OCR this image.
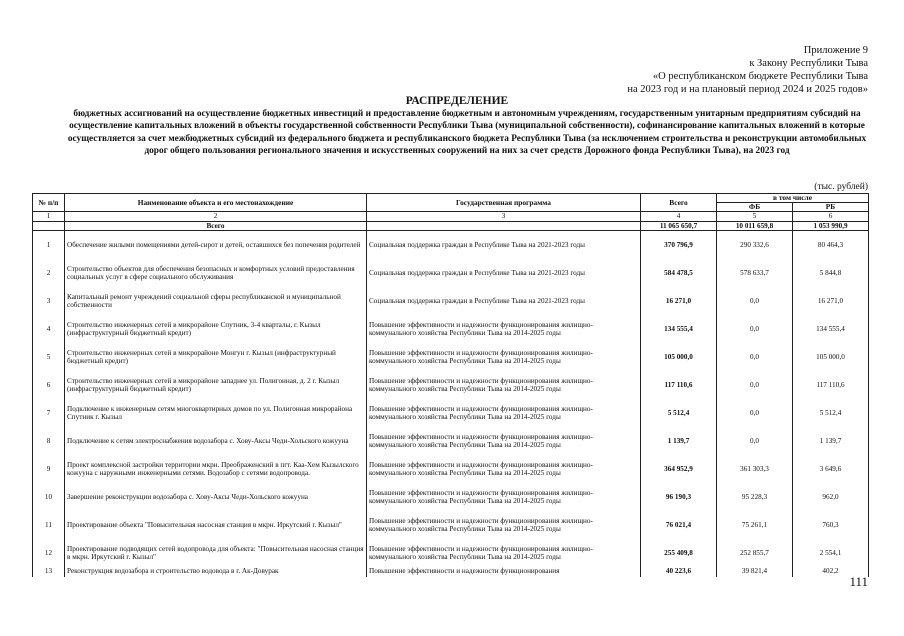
Приложение 9
к Закону Республики Тыва
«О республиканском бюджете Республики Тыва
на 2023 год и на плановый период 2024 и 2025 годов»
РАСПРЕДЕЛЕНИЕ
бюджетных ассигнований на осуществление бюджетных инвестиций и предоставление бюджетным и автономным учреждениям, государственным унитарным предприятиям субсидий на осуществление капитальных вложений в объекты государственной собственности Республики Тыва (муниципальной собственности), софинансирование капитальных вложений в которые осуществляется за счет межбюджетных субсидий из федерального бюджета и республиканского бюджета Республики Тыва (за исключением строительства и реконструкции автомобильных дорог общего пользования регионального значения и искусственных сооружений на них за счет средств Дорожного фонда Республики Тыва), на 2023 год
(тыс. рублей)
№ п/п	Наименование объекта и его местонахождение	Государственная программа	Всего	в том числе	
				ФБ	РБ
1	2	3	4	5	6
	Всего		11 065 650,7	10 011 659,8	1 053 990,9
1	Обеспечение жилыми помещениями детей-сирот и детей, оставшихся без попечения родителей	Социальная поддержка граждан в Республике Тыва на 2021-2023 годы	370 796,9	290 332,6	80 464,3
2	Строительство объектов для обеспечения безопасных и комфортных условий предоставления социальных услуг в сфере социального обслуживания	Социальная поддержка граждан в Республике Тыва на 2021-2023 годы	584 478,5	578 633,7	5 844,8
3	Капитальный ремонт учреждений социальной сферы республиканской и муниципальной собственности	Социальная поддержка граждан в Республике Тыва на 2021-2023 годы	16 271,0	0,0	16 271,0
4	Строительство инженерных сетей в микрорайоне Спутник, 3-4 кварталы, г. Кызыл (инфраструктурный бюджетный кредит)	Повышение эффективности и надежности функционирования жилищно-коммунального хозяйства Республики Тыва на 2014-2025 годы	134 555,4	0,0	134 555,4
5	Строительство инженерных сетей в микрорайоне Монгун г. Кызыл (инфраструктурный бюджетный кредит)	Повышение эффективности и надежности функционирования жилищно-коммунального хозяйства Республики Тыва на 2014-2025 годы	105 000,0	0,0	105 000,0
6	Строительство инженерных сетей в микрорайоне западнее ул. Полигонная, д. 2 г. Кызыл (инфраструктурный бюджетный кредит)	Повышение эффективности и надежности функционирования жилищно-коммунального хозяйства Республики Тыва на 2014-2025 годы	117 110,6	0,0	117 110,6
7	Подключение к инженерным сетям многоквартирных домов по ул. Полигонная микрорайона Спутник г. Кызыл	Повышение эффективности и надежности функционирования жилищно-коммунального хозяйства Республики Тыва на 2014-2025 годы	5 512,4	0,0	5 512,4
8	Подключение к сетям электроснабжения водозабора с. Хову-Аксы Чеди-Хольского кожууна	Повышение эффективности и надежности функционирования жилищно-коммунального хозяйства Республики Тыва на 2014-2025 годы	1 139,7	0,0	1 139,7
9	Проект комплексной застройки территории мкрн. Преображенский в пгт. Каа-Хем Кызылского кожууна с наружными инженерными сетями. Водозабор с сетями водопровода.	Повышение эффективности и надежности функционирования жилищно-коммунального хозяйства Республики Тыва на 2014-2025 годы	364 952,9	361 303,3	3 649,6
10	Завершение реконструкции водозабора с. Хову-Аксы Чеди-Хольского кожууна	Повышение эффективности и надежности функционирования жилищно-коммунального хозяйства Республики Тыва на 2014-2025 годы	96 190,3	95 228,3	962,0
11	Проектирование объекта "Повысительная насосная станция в мкрн. Иркутский г. Кызыл"	Повышение эффективности и надежности функционирования жилищно-коммунального хозяйства Республики Тыва на 2014-2025 годы	76 021,4	75 261,1	760,3
12	Проектирование подводящих сетей водопровода для объекта: "Повысительная насосная станция в мкрн. Иркутский г. Кызыл"	Повышение эффективности и надежности функционирования жилищно-коммунального хозяйства Республики Тыва на 2014-2025 годы	255 409,8	252 855,7	2 554,1
13	Реконструкция водозабора и строительство водовода в г. Ак-Довурак	Повышение эффективности и надежности функционирования	40 223,6	39 821,4	402,2
111
